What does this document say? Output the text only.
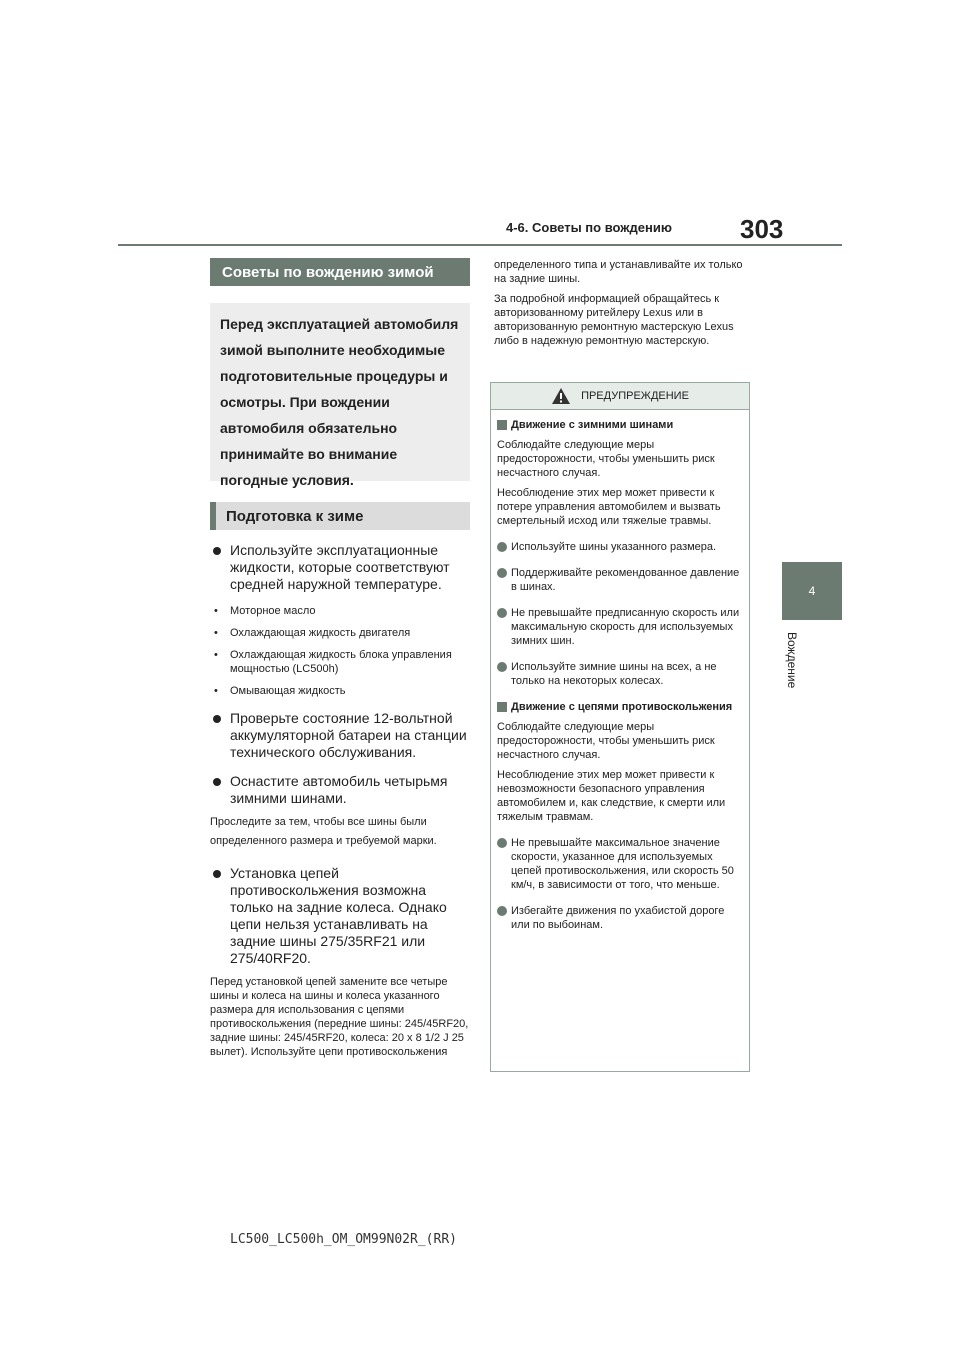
303
4-6. Советы по вождению
4
Вождение
Советы по вождению зимой
Перед эксплуатацией автомобиля зимой выполните необходимые подготовительные процедуры и осмотры. При вождении автомобиля обязательно принимайте во внимание погодные условия.
Подготовка к зиме
Используйте эксплуатационные жидкости, которые соответствуют средней наружной температуре.
• Моторное масло
• Охлаждающая жидкость двигателя
• Охлаждающая жидкость блока управления мощностью (LC500h)
• Омывающая жидкость
Проверьте состояние 12-вольтной аккумуляторной батареи на станции технического обслуживания.
Оснастите автомобиль четырьмя зимними шинами.
Проследите за тем, чтобы все шины были определенного размера и требуемой марки.
Установка цепей противоскольжения возможна только на задние колеса. Однако цепи нельзя устанавливать на задние шины 275/35RF21 или 275/40RF20.
Перед установкой цепей замените все четыре шины и колеса на шины и колеса указанного размера для использования с цепями противоскольжения (передние шины: 245/45RF20, задние шины: 245/45RF20, колеса: 20 x 8 1/2 J 25 вылет). Используйте цепи противоскольжения
определенного типа и устанавливайте их только на задние шины.
За подробной информацией обращайтесь к авторизованному ритейлеру Lexus или в авторизованную ремонтную мастерскую Lexus либо в надежную ремонтную мастерскую.
ПРЕДУПРЕЖДЕНИЕ
Движение с зимними шинами
Соблюдайте следующие меры предосторожности, чтобы уменьшить риск несчастного случая.
Несоблюдение этих мер может привести к потере управления автомобилем и вызвать смертельный исход или тяжелые травмы.
Используйте шины указанного размера.
Поддерживайте рекомендованное давление в шинах.
Не превышайте предписанную скорость или максимальную скорость для используемых зимних шин.
Используйте зимние шины на всех, а не только на некоторых колесах.
Движение с цепями противоскольжения
Соблюдайте следующие меры предосторожности, чтобы уменьшить риск несчастного случая.
Несоблюдение этих мер может привести к невозможности безопасного управления автомобилем и, как следствие, к смерти или тяжелым травмам.
Не превышайте максимальное значение скорости, указанное для используемых цепей противоскольжения, или скорость 50 км/ч, в зависимости от того, что меньше.
Избегайте движения по ухабистой дороге или по выбоинам.
LC500_LC500h_OM_OM99N02R_(RR)
